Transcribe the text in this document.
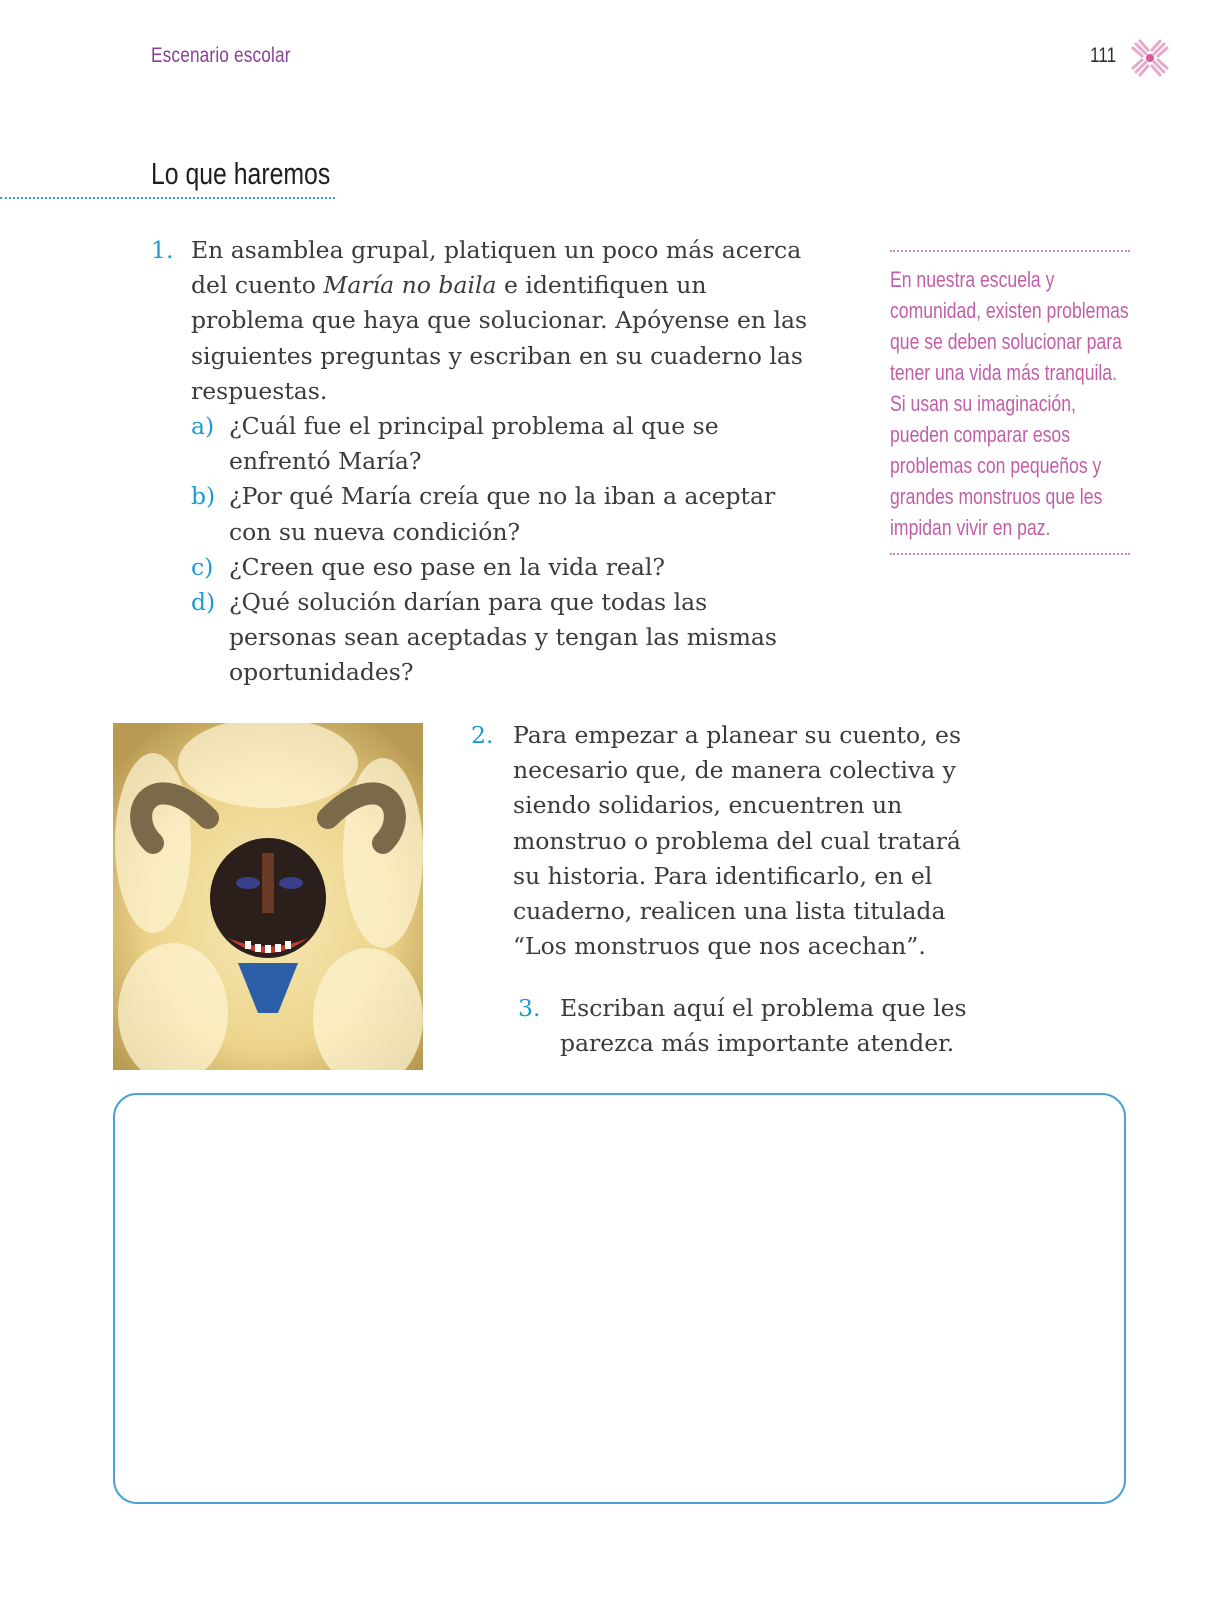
Escenario escolar	111
Lo que haremos
1. En asamblea grupal, platiquen un poco más acerca del cuento María no baila e identifiquen un problema que haya que solucionar. Apóyense en las siguientes preguntas y escriban en su cuaderno las respuestas.
a) ¿Cuál fue el principal problema al que se enfrentó María?
b) ¿Por qué María creía que no la iban a aceptar con su nueva condición?
c) ¿Creen que eso pase en la vida real?
d) ¿Qué solución darían para que todas las personas sean aceptadas y tengan las mismas oportunidades?
En nuestra escuela y comunidad, existen problemas que se deben solucionar para tener una vida más tranquila. Si usan su imaginación, pueden comparar esos problemas con pequeños y grandes monstruos que les impidan vivir en paz.
2. Para empezar a planear su cuento, es necesario que, de manera colectiva y siendo solidarios, encuentren un monstruo o problema del cual tratará su historia. Para identificarlo, en el cuaderno, realicen una lista titulada “Los monstruos que nos acechan”.
3. Escriban aquí el problema que les parezca más importante atender.
